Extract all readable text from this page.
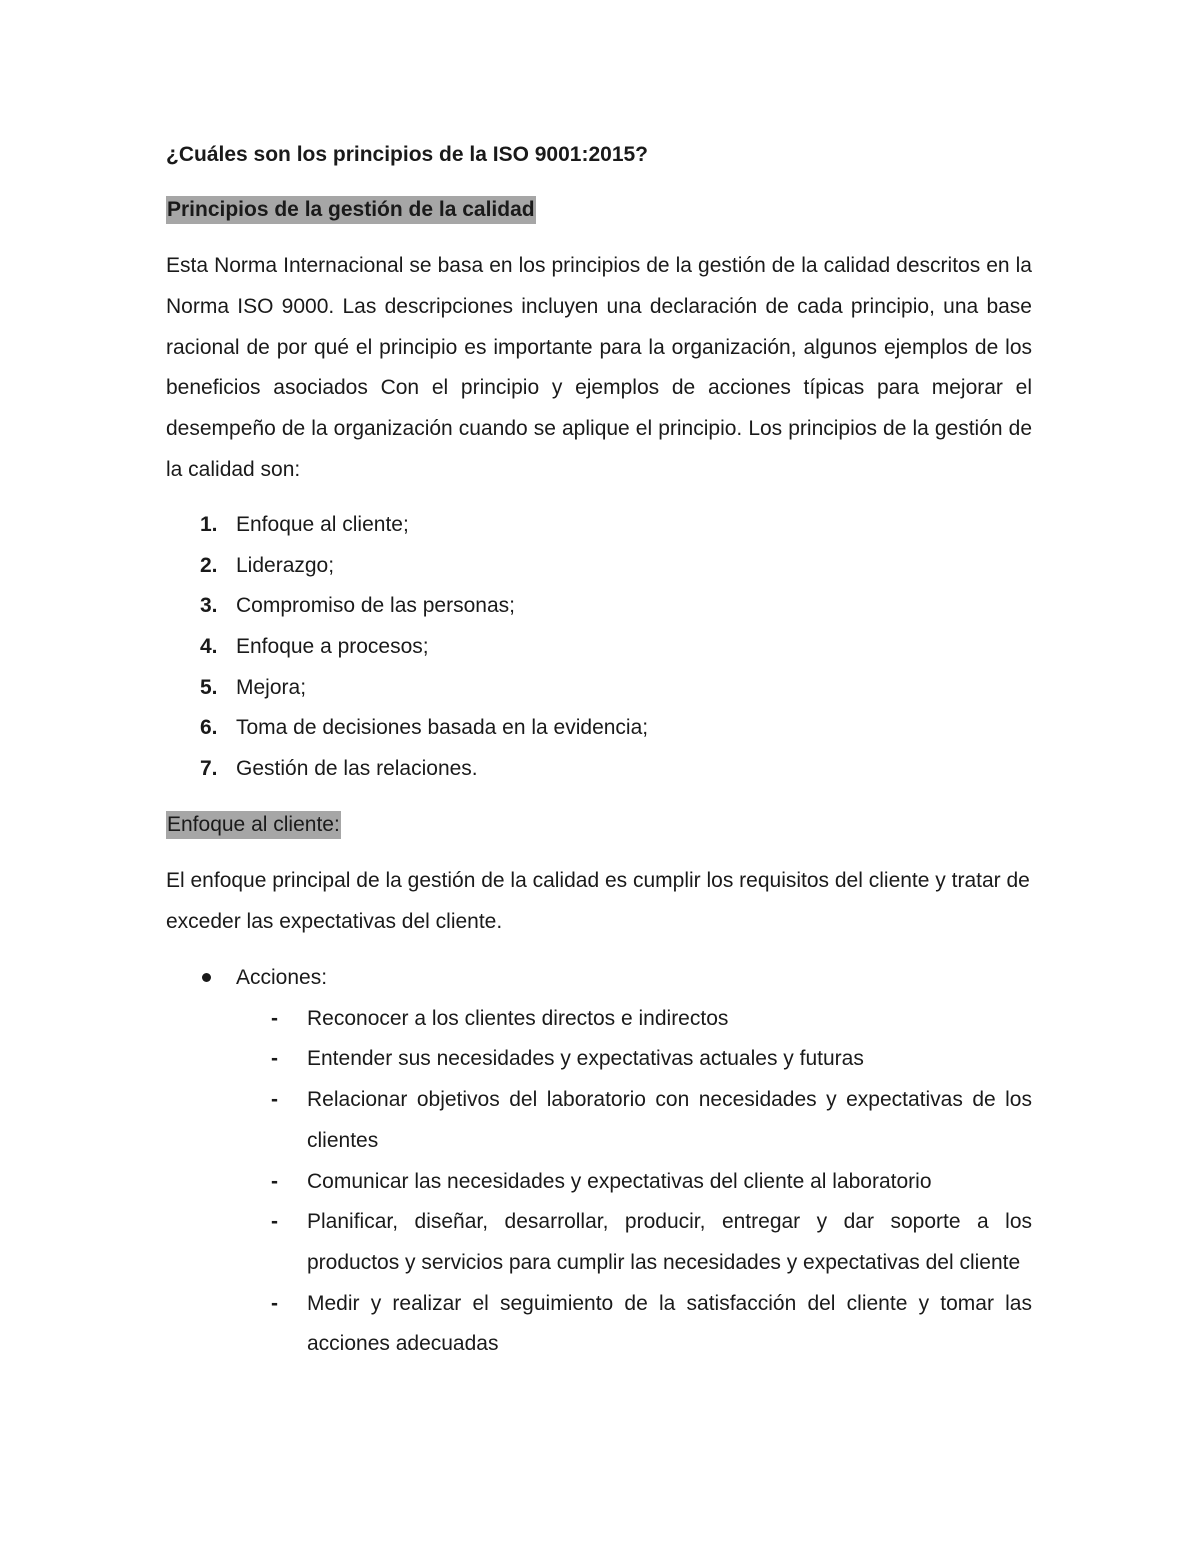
¿Cuáles son los principios de la ISO 9001:2015?
Principios de la gestión de la calidad

Esta Norma Internacional se basa en los principios de la gestión de la calidad descritos en la Norma ISO 9000. Las descripciones incluyen una declaración de cada principio, una base racional de por qué el principio es importante para la organización, algunos ejemplos de los beneficios asociados Con el principio y ejemplos de acciones típicas para mejorar el desempeño de la organización cuando se aplique el principio. Los principios de la gestión de la calidad son:

1. Enfoque al cliente;
2. Liderazgo;
3. Compromiso de las personas;
4. Enfoque a procesos;
5. Mejora;
6. Toma de decisiones basada en la evidencia;
7. Gestión de las relaciones.
Enfoque al cliente:

El enfoque principal de la gestión de la calidad es cumplir los requisitos del cliente y tratar de exceder las expectativas del cliente.

Acciones:
- Reconocer a los clientes directos e indirectos
- Entender sus necesidades y expectativas actuales y futuras
- Relacionar objetivos del laboratorio con necesidades y expectativas de los clientes
- Comunicar las necesidades y expectativas del cliente al laboratorio
- Planificar, diseñar, desarrollar, producir, entregar y dar soporte a los productos y servicios para cumplir las necesidades y expectativas del cliente
- Medir y realizar el seguimiento de la satisfacción del cliente y tomar las acciones adecuadas
